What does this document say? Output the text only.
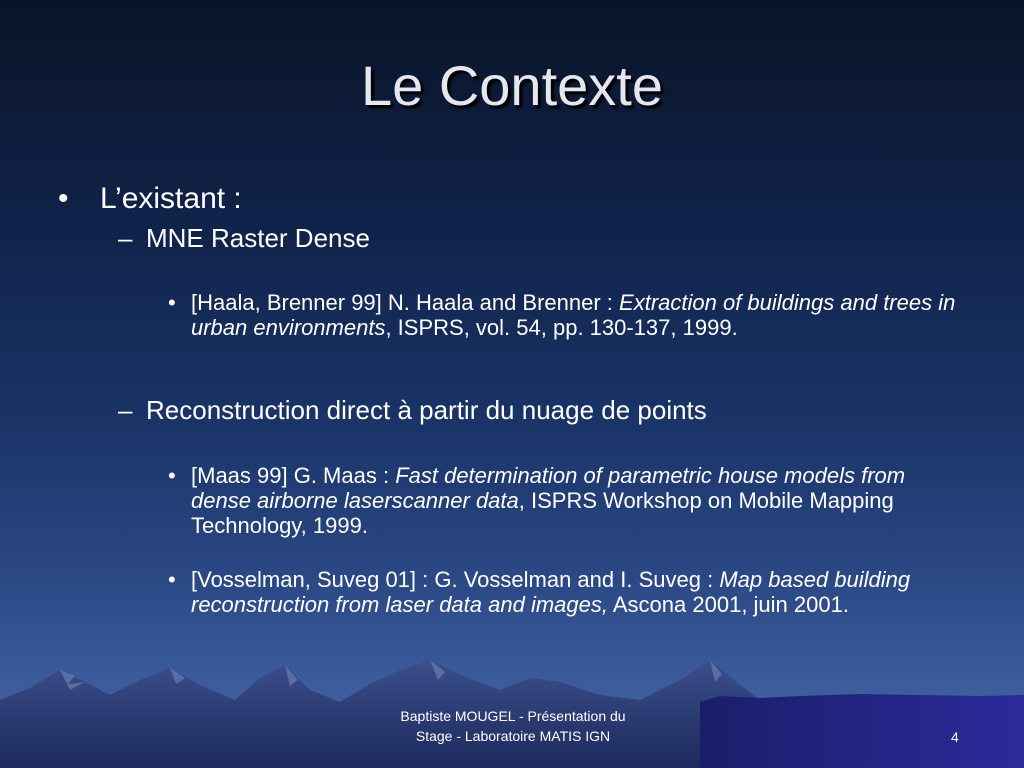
Le Contexte
• L’existant :
– MNE Raster Dense
• [Haala, Brenner 99] N. Haala and Brenner : Extraction of buildings and trees in urban environments, ISPRS, vol. 54, pp. 130-137, 1999.
– Reconstruction direct à partir du nuage de points
• [Maas 99] G. Maas : Fast determination of parametric house models from dense airborne laserscanner data, ISPRS Workshop on Mobile Mapping Technology, 1999.
• [Vosselman, Suveg 01] : G. Vosselman and I. Suveg : Map based building reconstruction from laser data and images, Ascona 2001, juin 2001.
Baptiste MOUGEL - Présentation du
Stage - Laboratoire MATIS IGN	4
